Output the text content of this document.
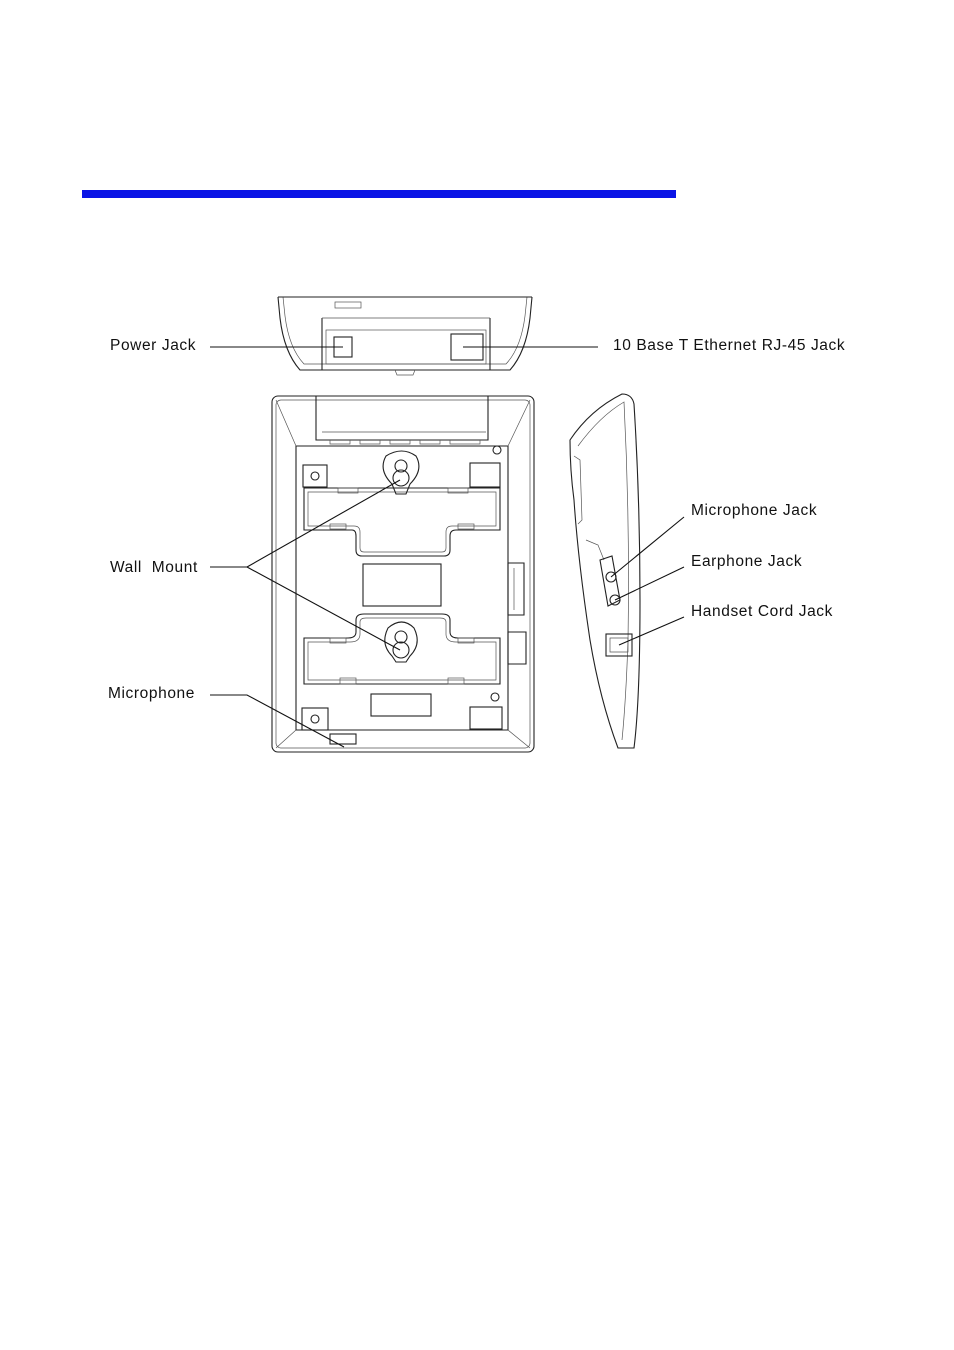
Power Jack	10 Base T Ethernet RJ-45 Jack
Wall  Mount
Microphone
Microphone Jack
Earphone Jack
Handset Cord Jack
